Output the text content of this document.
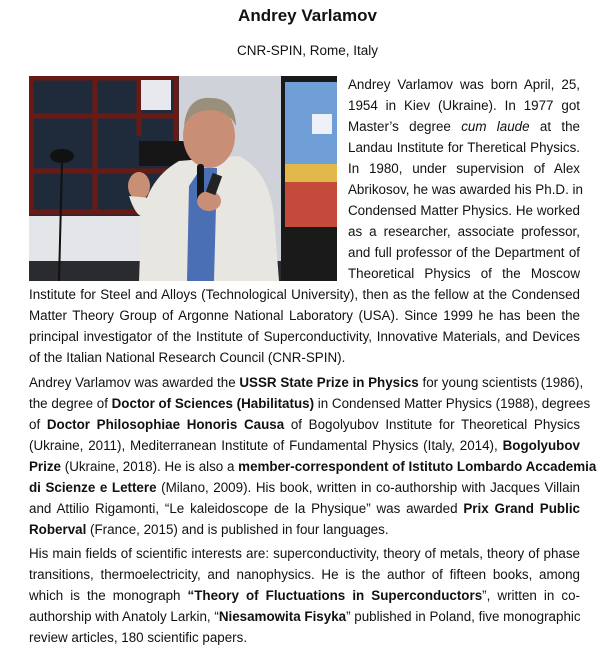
Andrey Varlamov
CNR-SPIN, Rome, Italy
Andrey Varlamov was born April, 25,
1954 in Kiev (Ukraine). In 1977 got
Master’s degree cum laude at the
Landau Institute for Theretical Physics.
In 1980, under supervision of Alex
Abrikosov, he was awarded his Ph.D. in
Condensed Matter Physics. He worked
as a researcher, associate professor,
and full professor of the Department of
Theoretical Physics of the Moscow
Institute for Steel and Alloys (Technological University), then as the fellow at the Condensed
Matter Theory Group of Argonne National Laboratory (USA). Since 1999 he has been the
principal investigator of the Institute of Superconductivity, Innovative Materials, and Devices
of the Italian National Research Council (CNR-SPIN).
Andrey Varlamov was awarded the USSR State Prize in Physics for young scientists (1986),
the degree of Doctor of Sciences (Habilitatus) in Condensed Matter Physics (1988), degrees
of Doctor Philosophiae Honoris Causa of Bogolyubov Institute for Theoretical Physics
(Ukraine, 2011), Mediterranean Institute of Fundamental Physics (Italy, 2014), Bogolyubov
Prize (Ukraine, 2018). He is also a member-correspondent of Istituto Lombardo Accademia
di Scienze e Lettere (Milano, 2009). His book, written in co-authorship with Jacques Villain
and Attilio Rigamonti, “Le kaleidoscope de la Physique” was awarded Prix Grand Public
Roberval (France, 2015) and is published in four languages.
His main fields of scientific interests are: superconductivity, theory of metals, theory of phase
transitions, thermoelectricity, and nanophysics. He is the author of fifteen books, among
which is the monograph “Theory of Fluctuations in Superconductors”, written in co-
authorship with Anatoly Larkin, “Niesamowita Fisyka” published in Poland, five monographic
review articles, 180 scientific papers.
